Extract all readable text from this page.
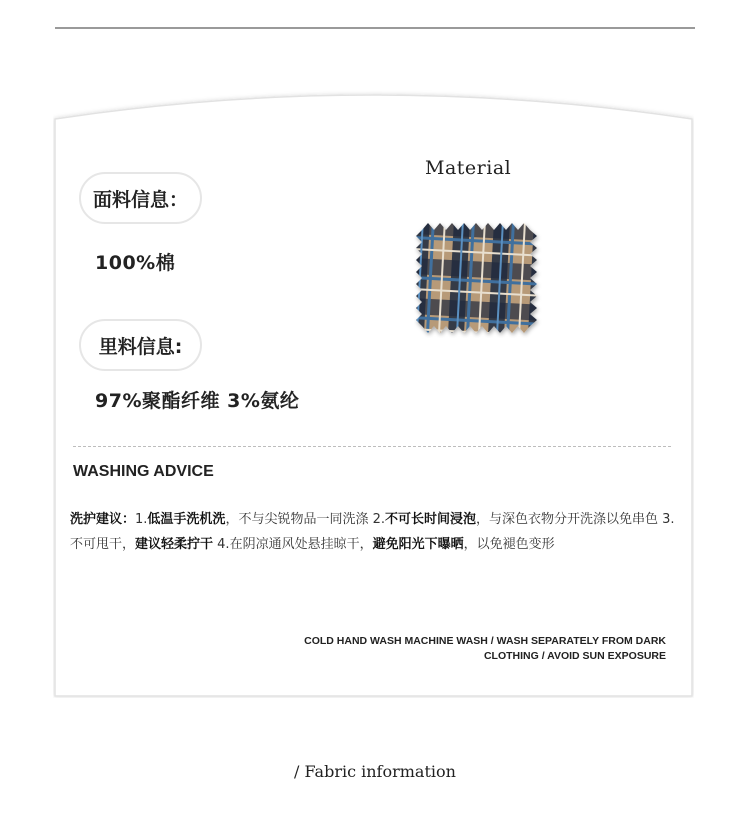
Material
面料信息：
100%棉
里料信息:
97%聚酯纤维 3%氨纶
WASHING ADVICE
洗护建议：1.低温手洗机洗，不与尖锐物品一同洗涤 2.不可长时间浸泡，与深色衣物分开洗涤以免串色 3.不可甩干，建议轻柔拧干 4.在阴凉通风处悬挂晾干，避免阳光下曝晒，以免褪色变形
COLD HAND WASH MACHINE WASH / WASH SEPARATELY FROM DARK
CLOTHING / AVOID SUN EXPOSURE
/ Fabric information
